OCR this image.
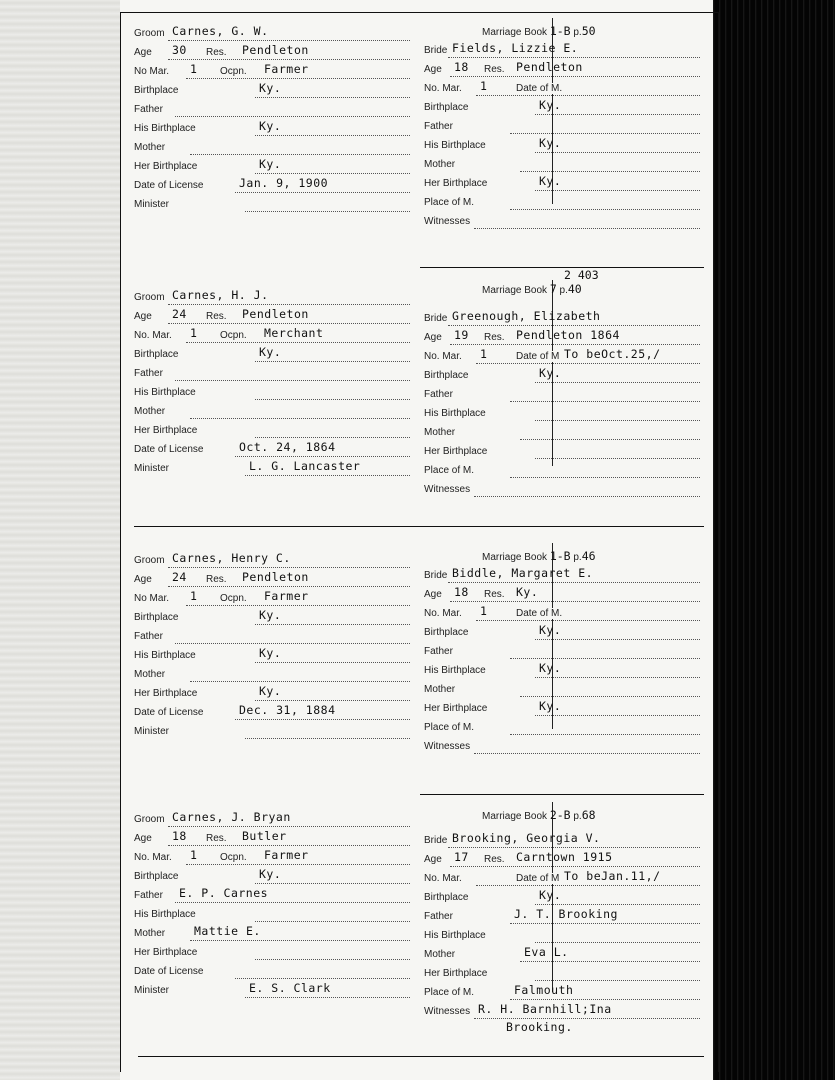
Groom Carnes, G. W.
Age 30 Res. Pendleton
No Mar. 1 Ocpn. Farmer
Birthplace	Ky.
Father
His Birthplace	Ky.
Mother
Her Birthplace	Ky.
Date of License	Jan. 9, 1900
Minister
Marriage Book 1-B p.50
Bride Fields, Lizzie E.
Age 18 Res. Pendleton
No. Mar. 1	Date of M.
Birthplace	Ky.
Father
His Birthplace	Ky.
Mother
Her Birthplace	Ky.
Place of M.
Witnesses
Groom Carnes, H. J.
Age 24 Res. Pendleton
No. Mar. 1 Ocpn. Merchant
Birthplace	Ky.
Father
His Birthplace
Mother
Her Birthplace
Date of License	Oct. 24, 1864
Minister	L. G. Lancaster
Marriage Book 7 p.40
2 403
Bride Greenough, Elizabeth
Age 19 Res. Pendleton 1864
No. Mar. 1	Date of M To beOct.25,/
Birthplace	Ky.
Father
His Birthplace
Mother
Her Birthplace
Place of M.
Witnesses
Groom Carnes, Henry C.
Age 24 Res. Pendleton
No Mar. 1 Ocpn. Farmer
Birthplace	Ky.
Father
His Birthplace	Ky.
Mother
Her Birthplace	Ky.
Date of License	Dec. 31, 1884
Minister
Marriage Book 1-B p.46
Bride Biddle, Margaret E.
Age 18 Res. Ky.
No. Mar. 1	Date of M.
Birthplace	Ky.
Father
His Birthplace	Ky.
Mother
Her Birthplace	Ky.
Place of M.
Witnesses
Groom Carnes, J. Bryan
Age 18 Res. Butler
No. Mar. 1 Ocpn. Farmer
Birthplace	Ky.
Father E. P. Carnes
His Birthplace
Mother	Mattie E.
Her Birthplace
Date of License
Minister	E. S. Clark
Marriage Book 2-B p.68
Bride Brooking, Georgia V.
Age 17 Res. Carntown 1915
No. Mar.	Date of M To beJan.11,/
Birthplace	Ky.
Father	J. T. Brooking
His Birthplace
Mother	Eva L.
Her Birthplace
Place of M.	Falmouth
Witnesses R. H. Barnhill;Ina
Brooking.
